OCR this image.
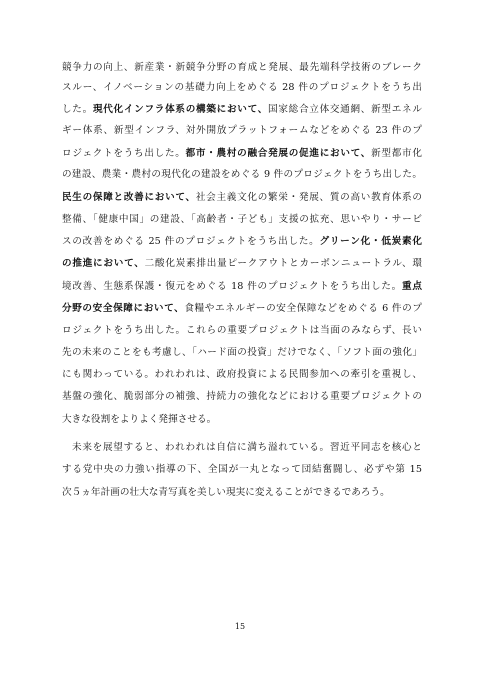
競争力の向上、新産業・新競争分野の育成と発展、最先端科学技術のブレーク
スルー、イノベーションの基礎力向上をめぐる 28 件のプロジェクトをうち出
した。現代化インフラ体系の構築において、国家総合立体交通網、新型エネル
ギー体系、新型インフラ、対外開放プラットフォームなどをめぐる 23 件のプ
ロジェクトをうち出した。都市・農村の融合発展の促進において、新型都市化
の建設、農業・農村の現代化の建設をめぐる 9 件のプロジェクトをうち出した。
民生の保障と改善において、社会主義文化の繁栄・発展、質の高い教育体系の
整備、「健康中国」の建設、「高齢者・子ども」支援の拡充、思いやり・サービ
スの改善をめぐる 25 件のプロジェクトをうち出した。グリーン化・低炭素化
の推進において、二酸化炭素排出量ピークアウトとカーボンニュートラル、環
境改善、生態系保護・復元をめぐる 18 件のプロジェクトをうち出した。重点
分野の安全保障において、食糧やエネルギーの安全保障などをめぐる 6 件のプ
ロジェクトをうち出した。これらの重要プロジェクトは当面のみならず、長い
先の未来のことをも考慮し、「ハード面の投資」だけでなく、「ソフト面の強化」
にも関わっている。われわれは、政府投資による民間参加への牽引を重視し、
基盤の強化、脆弱部分の補強、持続力の強化などにおける重要プロジェクトの
大きな役割をよりよく発揮させる。
未来を展望すると、われわれは自信に満ち溢れている。習近平同志を核心と
する党中央の力強い指導の下、全国が一丸となって団結奮闘し、必ずや第 15
次５ヵ年計画の壮大な青写真を美しい現実に変えることができるであろう。
15
